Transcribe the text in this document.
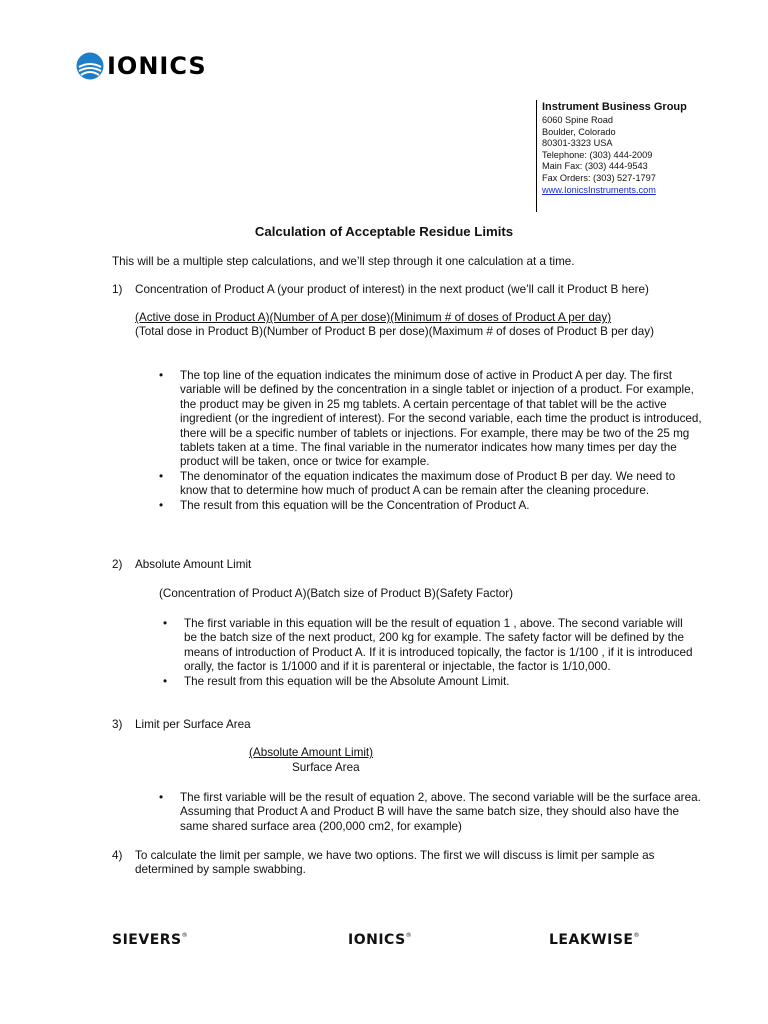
IONICS
Instrument Business Group
6060 Spine Road
Boulder, Colorado
80301-3323 USA
Telephone: (303) 444-2009
Main Fax: (303) 444-9543
Fax Orders: (303) 527-1797
www.IonicsInstruments.com
Calculation of Acceptable Residue Limits
This will be a multiple step calculations, and we’ll step through it one calculation at a time.
1) Concentration of Product A (your product of interest) in the next product (we’ll call it Product B here)
(Active dose in Product A)(Number of A per dose)(Minimum # of doses of Product A per day)
(Total dose in Product B)(Number of Product B per dose)(Maximum # of doses of Product B per day)
• The top line of the equation indicates the minimum dose of active in Product A per day. The first variable will be defined by the concentration in a single tablet or injection of a product. For example, the product may be given in 25 mg tablets. A certain percentage of that tablet will be the active ingredient (or the ingredient of interest). For the second variable, each time the product is introduced, there will be a specific number of tablets or injections. For example, there may be two of the 25 mg tablets taken at a time. The final variable in the numerator indicates how many times per day the product will be taken, once or twice for example.
• The denominator of the equation indicates the maximum dose of Product B per day. We need to know that to determine how much of product A can be remain after the cleaning procedure.
• The result from this equation will be the Concentration of Product A.
2) Absolute Amount Limit
(Concentration of Product A)(Batch size of Product B)(Safety Factor)
• The first variable in this equation will be the result of equation 1 , above. The second variable will be the batch size of the next product, 200 kg for example. The safety factor will be defined by the means of introduction of Product A. If it is introduced topically, the factor is 1/100 , if it is introduced orally, the factor is 1/1000 and if it is parenteral or injectable, the factor is 1/10,000.
• The result from this equation will be the Absolute Amount Limit.
3) Limit per Surface Area
(Absolute Amount Limit)
Surface Area
• The first variable will be the result of equation 2, above. The second variable will be the surface area. Assuming that Product A and Product B will have the same batch size, they should also have the same shared surface area (200,000 cm2, for example)
4) To calculate the limit per sample, we have two options. The first we will discuss is limit per sample as determined by sample swabbing.
SIEVERS®	IONICS®	LEAKWISE®
